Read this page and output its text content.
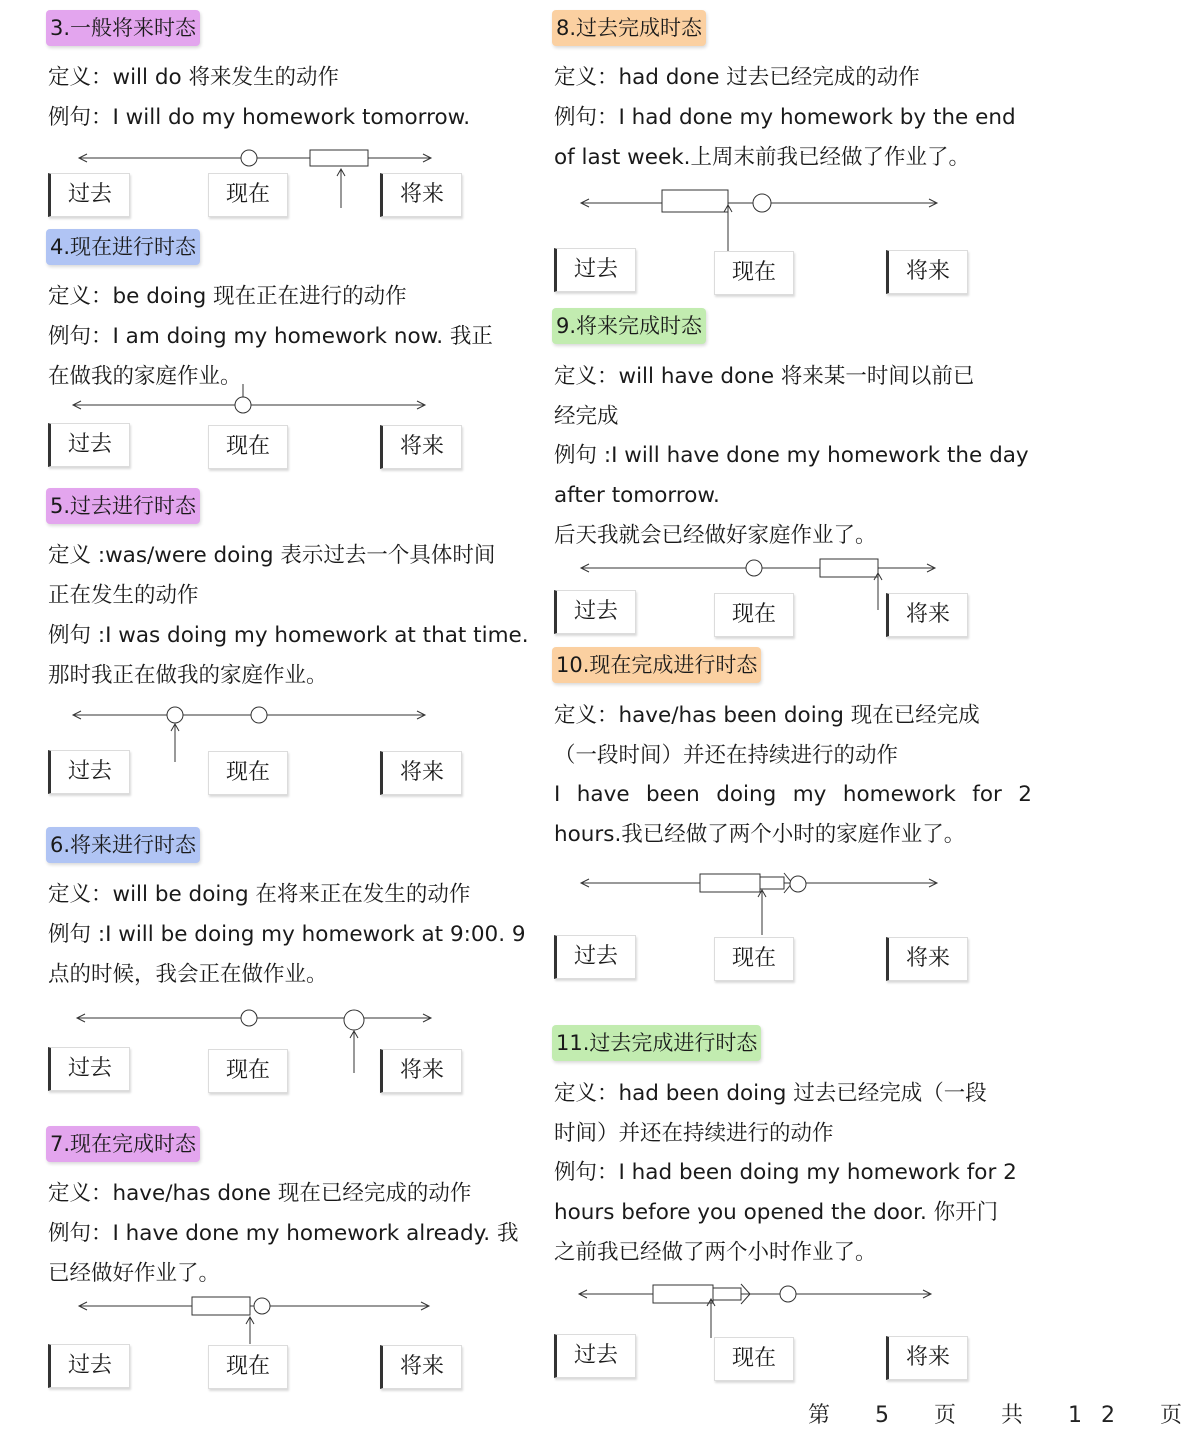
3.一般将来时态
定义：will do 将来发生的动作
例句：I will do my homework tomorrow.
过去	现在	将来
4.现在进行时态
定义：be doing 现在正在进行的动作
例句：I am doing my homework now. 我正
在做我的家庭作业。
过去	现在	将来
5.过去进行时态
定义 :was/were doing 表示过去一个具体时间
正在发生的动作
例句 :I was doing my homework at that time.
那时我正在做我的家庭作业。
过去	现在	将来
6.将来进行时态
定义：will be doing 在将来正在发生的动作
例句 :I will be doing my homework at 9:00. 9
点的时候，我会正在做作业。
过去	现在	将来
7.现在完成时态
定义：have/has done 现在已经完成的动作
例句：I have done my homework already. 我
已经做好作业了。
过去	现在	将来
8.过去完成时态
定义：had done 过去已经完成的动作
例句：I had done my homework by the end
of last week.上周末前我已经做了作业了。
过去	现在	将来
9.将来完成时态
定义：will have done 将来某一时间以前已
经完成
例句 :I will have done my homework the day
after tomorrow.
后天我就会已经做好家庭作业了。
过去	现在	将来
10.现在完成进行时态
定义：have/has been doing 现在已经完成
（一段时间）并还在持续进行的动作
I have been doing my homework for 2
hours.我已经做了两个小时的家庭作业了。
过去	现在	将来
11.过去完成进行时态
定义：had been doing 过去已经完成（一段
时间）并还在持续进行的动作
例句：I had been doing my homework for 2
hours before you opened the door. 你开门
之前我已经做了两个小时作业了。
过去	现在	将来
第 5 页 共 12 页
